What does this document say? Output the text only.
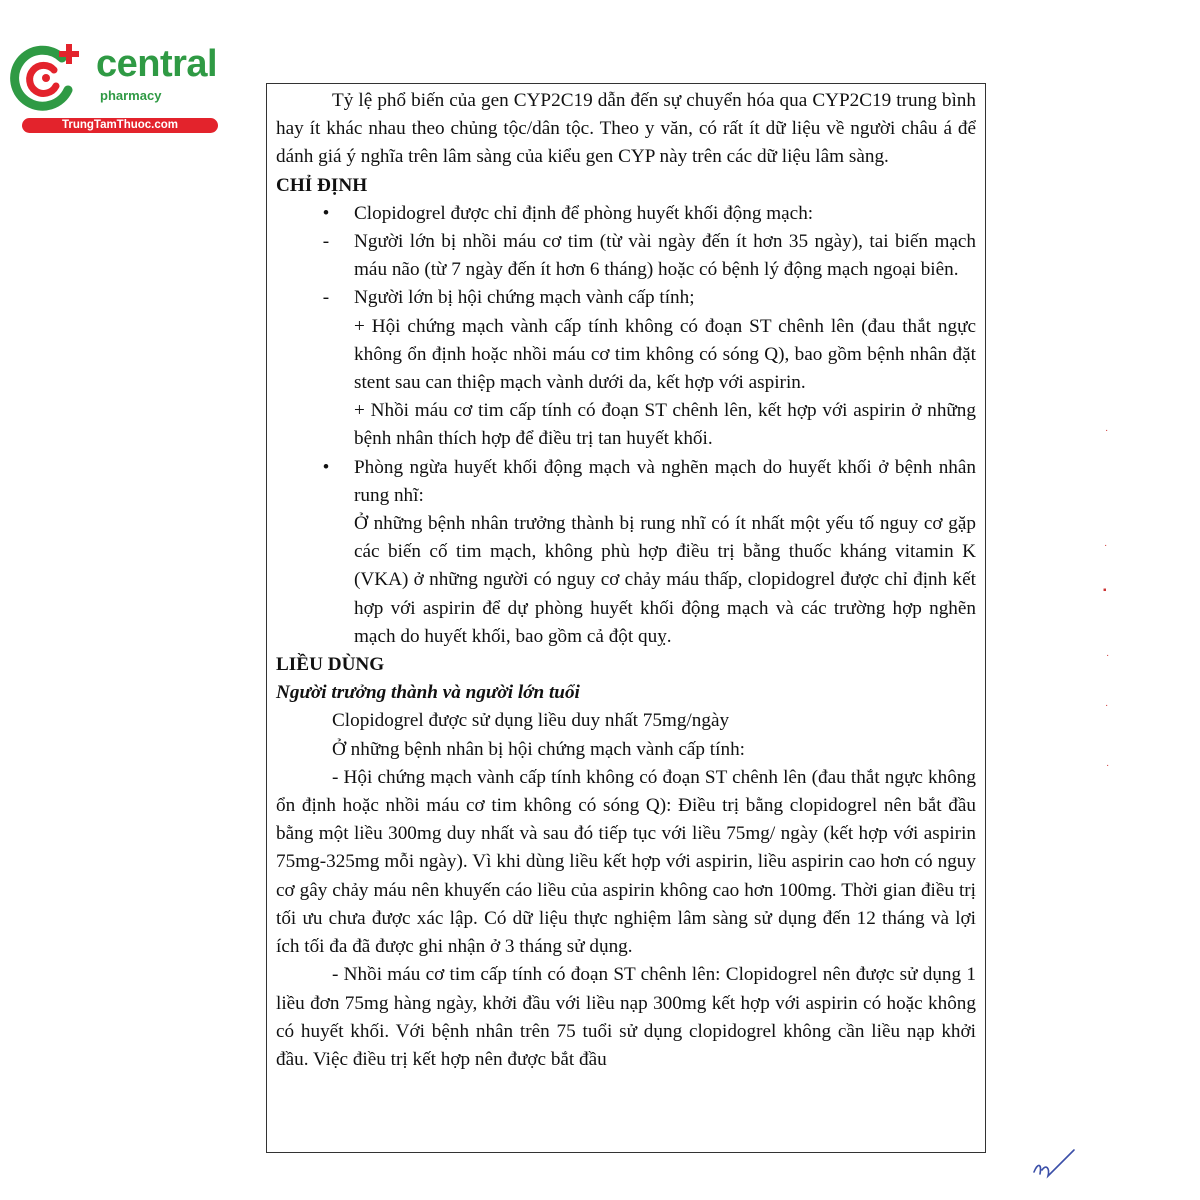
central
pharmacy
TrungTamThuoc.com

Tỷ lệ phổ biến của gen CYP2C19 dẫn đến sự chuyển hóa qua CYP2C19 trung bình hay ít khác nhau theo chủng tộc/dân tộc. Theo y văn, có rất ít dữ liệu về người châu á để dánh giá ý nghĩa trên lâm sàng của kiểu gen CYP này trên các dữ liệu lâm sàng.

CHỈ ĐỊNH

•	Clopidogrel được chỉ định để phòng huyết khối động mạch:

-	Người lớn bị nhồi máu cơ tim (từ vài ngày đến ít hơn 35 ngày), tai biến mạch máu não (từ 7 ngày đến ít hơn 6 tháng) hoặc có bệnh lý động mạch ngoại biên.

-	Người lớn bị hội chứng mạch vành cấp tính;

+ Hội chứng mạch vành cấp tính không có đoạn ST chênh lên (đau thắt ngực không ổn định hoặc nhồi máu cơ tim không có sóng Q), bao gồm bệnh nhân đặt stent sau can thiệp mạch vành dưới da, kết hợp với aspirin.

+ Nhồi máu cơ tim cấp tính có đoạn ST chênh lên, kết hợp với aspirin ở những bệnh nhân thích hợp để điều trị tan huyết khối.

•	Phòng ngừa huyết khối động mạch và nghẽn mạch do huyết khối ở bệnh nhân rung nhĩ:

Ở những bệnh nhân trưởng thành bị rung nhĩ có ít nhất một yếu tố nguy cơ gặp các biến cố tim mạch, không phù hợp điều trị bằng thuốc kháng vitamin K (VKA) ở những người có nguy cơ chảy máu thấp, clopidogrel được chỉ định kết hợp với aspirin để dự phòng huyết khối động mạch và các trường hợp nghẽn mạch do huyết khối, bao gồm cả đột quỵ.

LIỀU DÙNG

Người trưởng thành và người lớn tuổi

Clopidogrel được sử dụng liều duy nhất 75mg/ngày

Ở những bệnh nhân bị hội chứng mạch vành cấp tính:

- Hội chứng mạch vành cấp tính không có đoạn ST chênh lên (đau thắt ngực không ổn định hoặc nhồi máu cơ tim không có sóng Q): Điều trị bằng clopidogrel nên bắt đầu bằng một liều 300mg duy nhất và sau đó tiếp tục với liều 75mg/ ngày (kết hợp với aspirin 75mg-325mg mỗi ngày). Vì khi dùng liều kết hợp với aspirin, liều aspirin cao hơn có nguy cơ gây chảy máu nên khuyến cáo liều của aspirin không cao hơn 100mg. Thời gian điều trị tối ưu chưa được xác lập. Có dữ liệu thực nghiệm lâm sàng sử dụng đến 12 tháng và lợi ích tối đa đã được ghi nhận ở 3 tháng sử dụng.

- Nhồi máu cơ tim cấp tính có đoạn ST chênh lên: Clopidogrel nên được sử dụng 1 liều đơn 75mg hàng ngày, khởi đầu với liều nạp 300mg kết hợp với aspirin có hoặc không có huyết khối. Với bệnh nhân trên 75 tuổi sử dụng clopidogrel không cần liều nạp khởi đầu. Việc điều trị kết hợp nên được bắt đầu

·
·
▪
·
·
·
